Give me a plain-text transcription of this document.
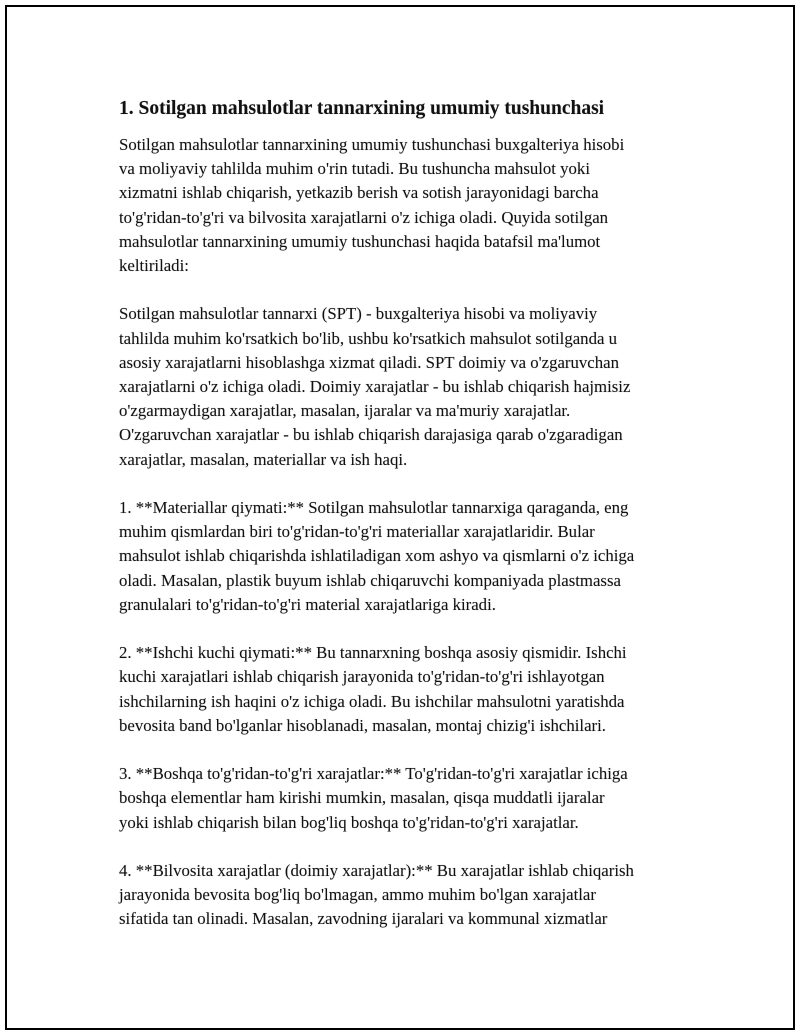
1. Sotilgan mahsulotlar tannarxining umumiy tushunchasi
Sotilgan mahsulotlar tannarxining umumiy tushunchasi buxgalteriya hisobi
va moliyaviy tahlilda muhim o'rin tutadi. Bu tushuncha mahsulot yoki
xizmatni ishlab chiqarish, yetkazib berish va sotish jarayonidagi barcha
to'g'ridan-to'g'ri va bilvosita xarajatlarni o'z ichiga oladi. Quyida sotilgan
mahsulotlar tannarxining umumiy tushunchasi haqida batafsil ma'lumot
keltiriladi:
Sotilgan mahsulotlar tannarxi (SPT) - buxgalteriya hisobi va moliyaviy
tahlilda muhim ko'rsatkich bo'lib, ushbu ko'rsatkich mahsulot sotilganda u
asosiy xarajatlarni hisoblashga xizmat qiladi. SPT doimiy va o'zgaruvchan
xarajatlarni o'z ichiga oladi. Doimiy xarajatlar - bu ishlab chiqarish hajmisiz
o'zgarmaydigan xarajatlar, masalan, ijaralar va ma'muriy xarajatlar.
O'zgaruvchan xarajatlar - bu ishlab chiqarish darajasiga qarab o'zgaradigan
xarajatlar, masalan, materiallar va ish haqi.
1. **Materiallar qiymati:** Sotilgan mahsulotlar tannarxiga qaraganda, eng
muhim qismlardan biri to'g'ridan-to'g'ri materiallar xarajatlaridir. Bular
mahsulot ishlab chiqarishda ishlatiladigan xom ashyo va qismlarni o'z ichiga
oladi. Masalan, plastik buyum ishlab chiqaruvchi kompaniyada plastmassa
granulalari to'g'ridan-to'g'ri material xarajatlariga kiradi.
2. **Ishchi kuchi qiymati:** Bu tannarxning boshqa asosiy qismidir. Ishchi
kuchi xarajatlari ishlab chiqarish jarayonida to'g'ridan-to'g'ri ishlayotgan
ishchilarning ish haqini o'z ichiga oladi. Bu ishchilar mahsulotni yaratishda
bevosita band bo'lganlar hisoblanadi, masalan, montaj chizig'i ishchilari.
3. **Boshqa to'g'ridan-to'g'ri xarajatlar:** To'g'ridan-to'g'ri xarajatlar ichiga
boshqa elementlar ham kirishi mumkin, masalan, qisqa muddatli ijaralar
yoki ishlab chiqarish bilan bog'liq boshqa to'g'ridan-to'g'ri xarajatlar.
4. **Bilvosita xarajatlar (doimiy xarajatlar):** Bu xarajatlar ishlab chiqarish
jarayonida bevosita bog'liq bo'lmagan, ammo muhim bo'lgan xarajatlar
sifatida tan olinadi. Masalan, zavodning ijaralari va kommunal xizmatlar
